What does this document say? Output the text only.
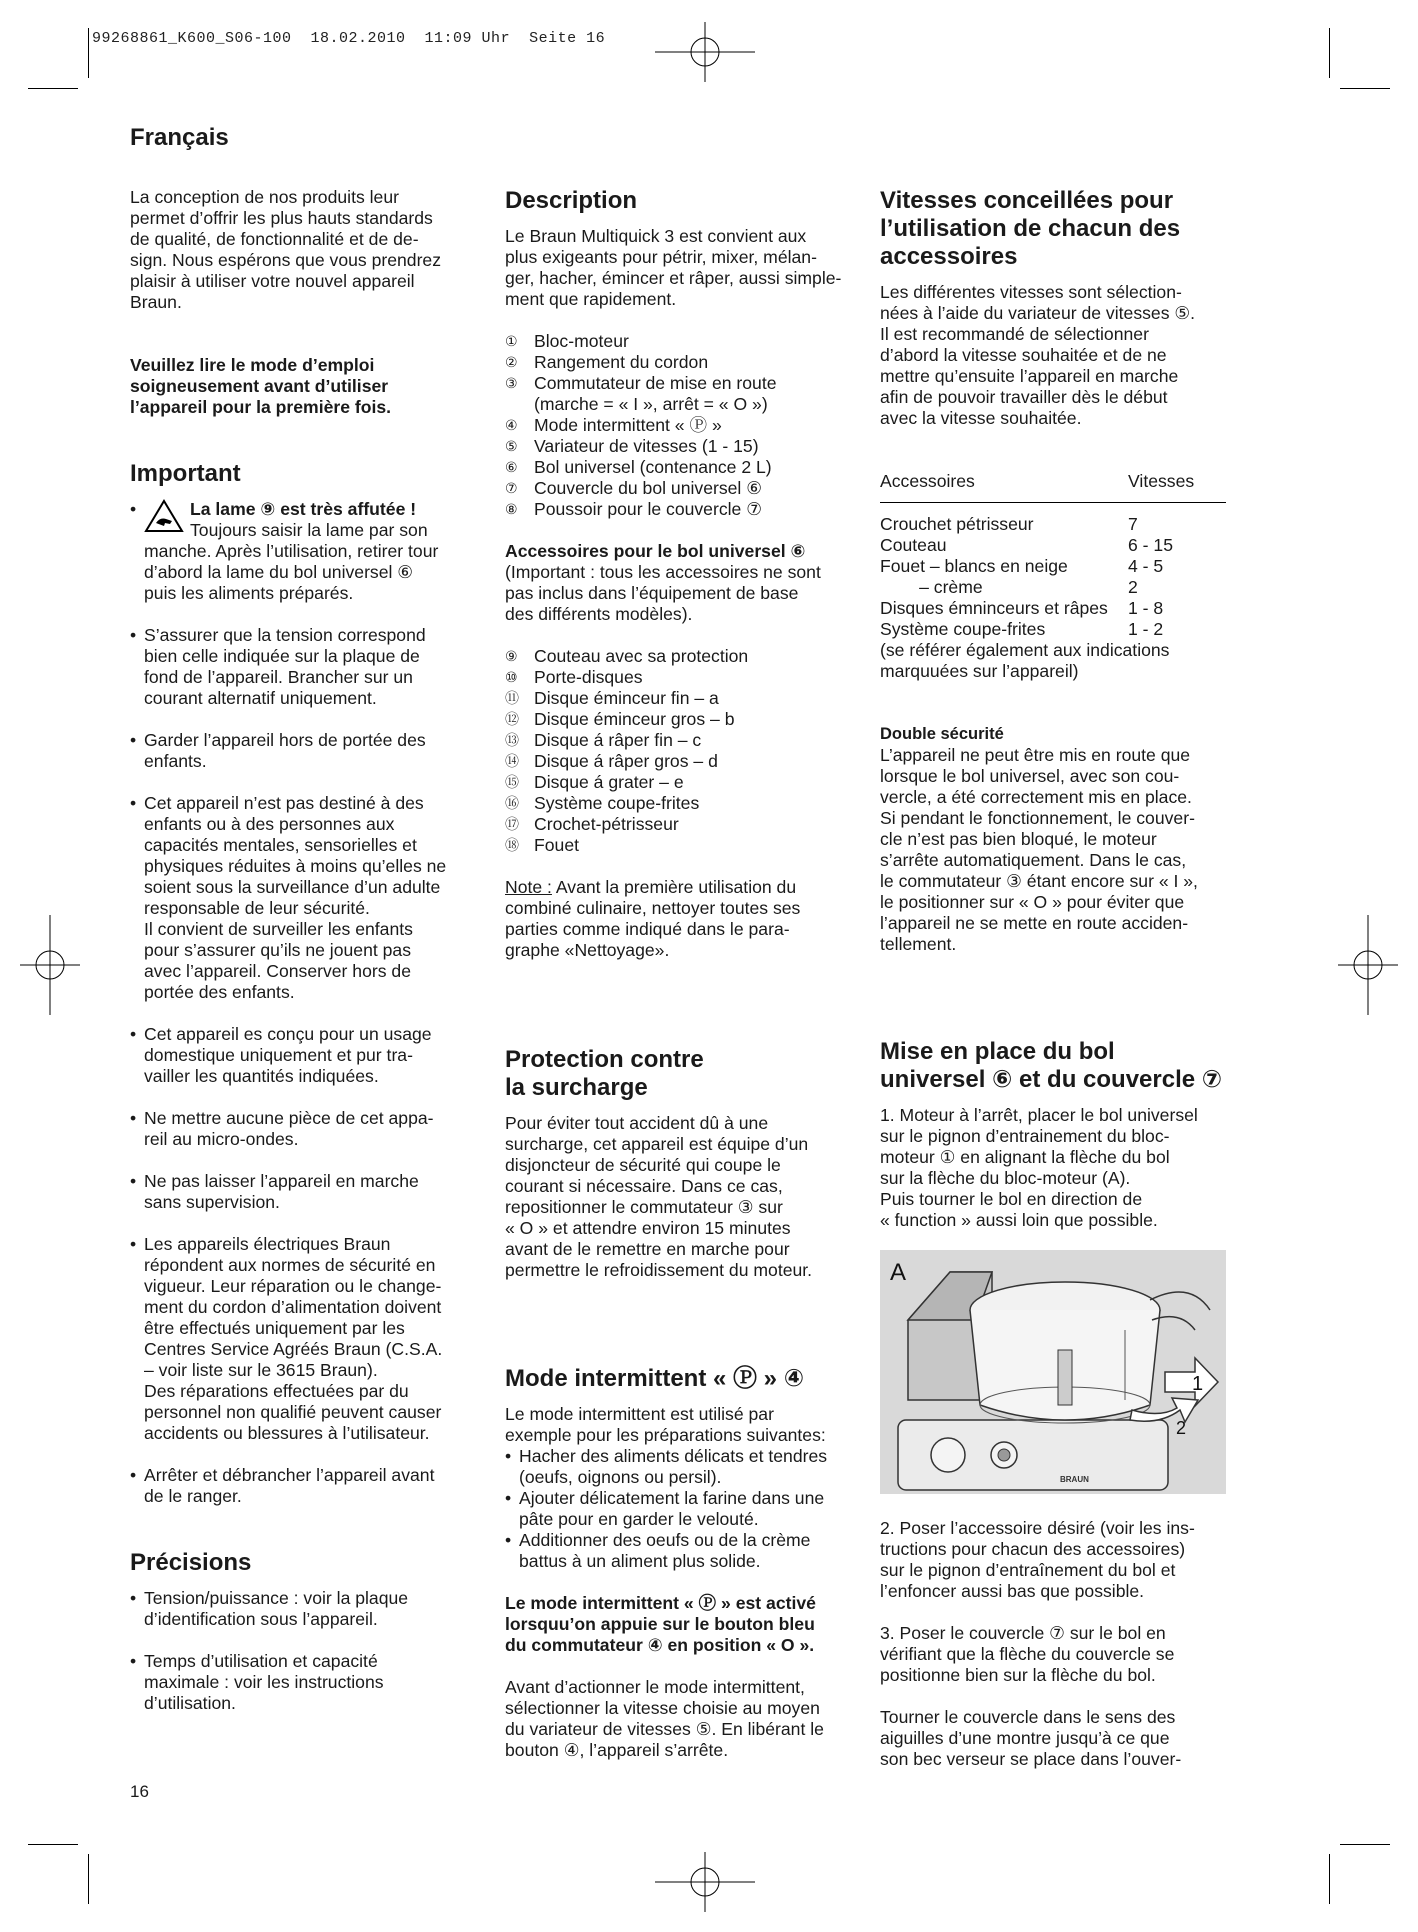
99268861_K600_S06-100  18.02.2010  11:09 Uhr  Seite 16
Français
La conception de nos produits leur
permet d’offrir les plus hauts standards
de qualité, de fonctionnalité et de de-
sign. Nous espérons que vous prendrez
plaisir à utiliser votre nouvel appareil
Braun.
Veuillez lire le mode d’emploi
soigneusement avant d’utiliser
l’appareil pour la première fois.
Important
•	La lame ⑨ est très affutée !
Toujours saisir la lame par son
manche. Après l’utilisation, retirer tour
d’abord la lame du bol universel ⑥
puis les aliments préparés.
• S’assurer que la tension correspond
bien celle indiquée sur la plaque de
fond de l’appareil. Brancher sur un
courant alternatif uniquement.
• Garder l’appareil hors de portée des
enfants.
• Cet appareil n’est pas destiné à des
enfants ou à des personnes aux
capacités mentales, sensorielles et
physiques réduites à moins qu’elles ne
soient sous la surveillance d’un adulte
responsable de leur sécurité.
Il convient de surveiller les enfants
pour s’assurer qu’ils ne jouent pas
avec l’appareil. Conserver hors de
portée des enfants.
• Cet appareil es conçu pour un usage
domestique uniquement et pur tra-
vailler les quantités indiquées.
• Ne mettre aucune pièce de cet appa-
reil au micro-ondes.
• Ne pas laisser l’appareil en marche
sans supervision.
• Les appareils électriques Braun
répondent aux normes de sécurité en
vigueur. Leur réparation ou le change-
ment du cordon d’alimentation doivent
être effectués uniquement par les
Centres Service Agréés Braun (C.S.A.
– voir liste sur le 3615 Braun).
Des réparations effectuées par du
personnel non qualifié peuvent causer
accidents ou blessures à l’utilisateur.
• Arrêter et débrancher l’appareil avant
de le ranger.
Précisions
• Tension/puissance : voir la plaque
d’identification sous l’appareil.
• Temps d’utilisation et capacité
maximale : voir les instructions
d’utilisation.
16
Description
Le Braun Multiquick 3 est convient aux
plus exigeants pour pétrir, mixer, mélan-
ger, hacher, émincer et râper, aussi simple-
ment que rapidement.
① Bloc-moteur
② Rangement du cordon
③ Commutateur de mise en route
(marche = « I », arrêt = « O »)
④ Mode intermittent « Ⓟ »
⑤ Variateur de vitesses (1 - 15)
⑥ Bol universel (contenance 2 L)
⑦ Couvercle du bol universel ⑥
⑧ Poussoir pour le couvercle ⑦
Accessoires pour le bol universel ⑥
(Important : tous les accessoires ne sont
pas inclus dans l’équipement de base
des différents modèles).
⑨ Couteau avec sa protection
⑩ Porte-disques
⑪ Disque éminceur fin – a
⑫ Disque éminceur gros – b
⑬ Disque á râper fin – c
⑭ Disque á râper gros – d
⑮ Disque á grater – e
⑯ Système coupe-frites
⑰ Crochet-pétrisseur
⑱ Fouet
Note : Avant la première utilisation du
combiné culinaire, nettoyer toutes ses
parties comme indiqué dans le para-
graphe «Nettoyage».
Protection contre
la surcharge
Pour éviter tout accident dû à une
surcharge, cet appareil est équipe d’un
disjoncteur de sécurité qui coupe le
courant si nécessaire. Dans ce cas,
repositionner le commutateur ③ sur
« O » et attendre environ 15 minutes
avant de le remettre en marche pour
permettre le refroidissement du moteur.
Mode intermittent « Ⓟ » ④
Le mode intermittent est utilisé par
exemple pour les préparations suivantes:
• Hacher des aliments délicats et tendres
(oeufs, oignons ou persil).
• Ajouter délicatement la farine dans une
pâte pour en garder le velouté.
• Additionner des oeufs ou de la crème
battus à un aliment plus solide.
Le mode intermittent « Ⓟ » est activé
lorsquu’on appuie sur le bouton bleu
du commutateur ④ en position « O ».
Avant d’actionner le mode intermittent,
sélectionner la vitesse choisie au moyen
du variateur de vitesses ⑤. En libérant le
bouton ④, l’appareil s’arrête.
Vitesses conceillées pour
l’utilisation de chacun des
accessoires
Les différentes vitesses sont sélection-
nées à l’aide du variateur de vitesses ⑤.
Il est recommandé de sélectionner
d’abord la vitesse souhaitée et de ne
mettre qu’ensuite l’appareil en marche
afin de pouvoir travailler dès le début
avec la vitesse souhaitée.
Accessoires	Vitesses
Crouchet pétrisseur	7
Couteau	6 - 15
Fouet – blancs en neige	4 - 5
– crème	2
Disques émninceurs et râpes	1 - 8
Système coupe-frites	1 - 2
(se référer également aux indications
marquuées sur l’appareil)
Double sécurité
L’appareil ne peut être mis en route que
lorsque le bol universel, avec son cou-
vercle, a été correctement mis en place.
Si pendant le fonctionnement, le couver-
cle n’est pas bien bloqué, le moteur
s’arrête automatiquement. Dans le cas,
le commutateur ③ étant encore sur « I »,
le positionner sur « O » pour éviter que
l’appareil ne se mette en route acciden-
tellement.
Mise en place du bol
universel ⑥ et du couvercle ⑦
1. Moteur à l’arrêt, placer le bol universel
sur le pignon d’entrainement du bloc-
moteur ① en alignant la flèche du bol
sur la flèche du bloc-moteur (A).
Puis tourner le bol en direction de
« function » aussi loin que possible.
A
BRAUN
1
2
2. Poser l’accessoire désiré (voir les ins-
tructions pour chacun des accessoires)
sur le pignon d’entraînement du bol et
l’enfoncer aussi bas que possible.
3. Poser le couvercle ⑦ sur le bol en
vérifiant que la flèche du couvercle se
positionne bien sur la flèche du bol.
Tourner le couvercle dans le sens des
aiguilles d’une montre jusqu’à ce que
son bec verseur se place dans l’ouver-
